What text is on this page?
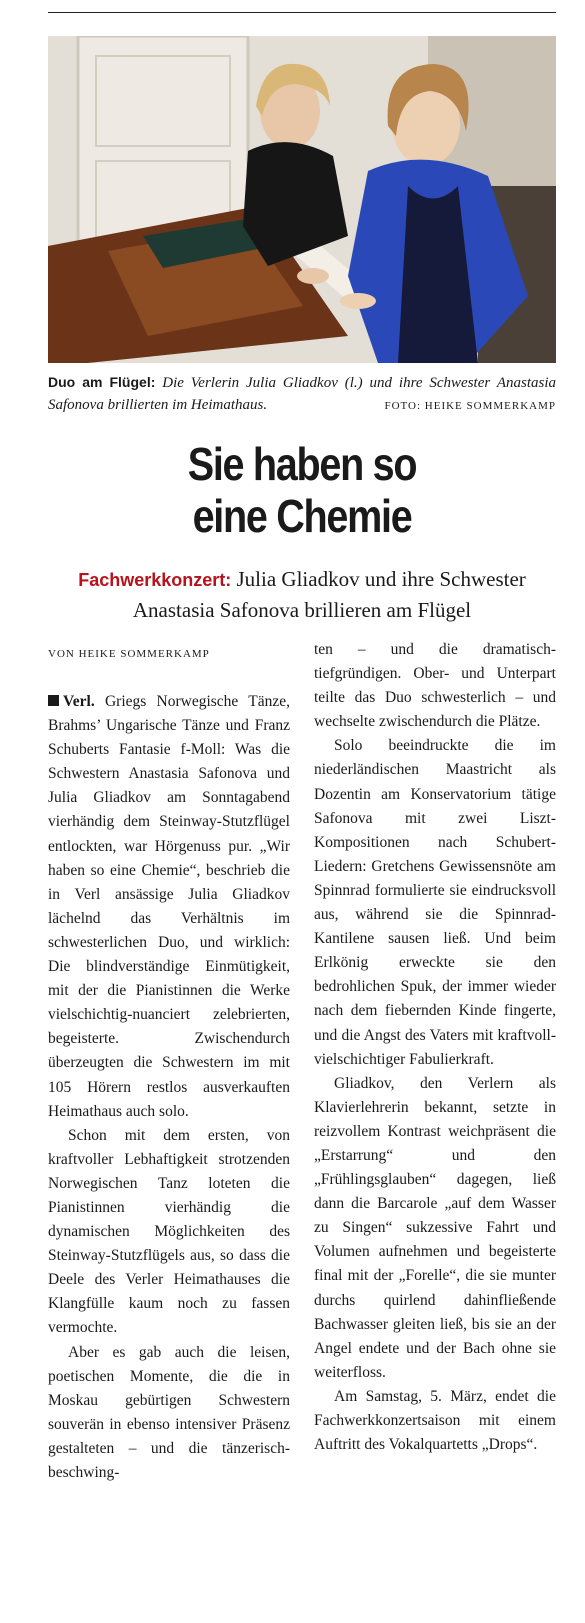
Duo am Flügel: Die Verlerin Julia Gliadkov (l.) und ihre Schwester Anastasia Safonova brillierten im Heimathaus.	FOTO: HEIKE SOMMERKAMP
Sie haben so
eine Chemie
Fachwerkkonzert: Julia Gliadkov und ihre Schwester Anastasia Safonova brillieren am Flügel
VON HEIKE SOMMERKAMP

Verl. Griegs Norwegische Tänze, Brahms’ Ungarische Tänze und Franz Schuberts Fantasie f-Moll: Was die Schwestern Anastasia Safonova und Julia Gliadkov am Sonntagabend vierhändig dem Steinway-Stutzflügel entlockten, war Hörgenuss pur. „Wir haben so eine Chemie“, beschrieb die in Verl ansässige Julia Gliadkov lächelnd das Verhältnis im schwesterlichen Duo, und wirklich: Die blindverständige Einmütigkeit, mit der die Pianistinnen die Werke vielschichtig-nuanciert zelebrierten, begeisterte. Zwischendurch überzeugten die Schwestern im mit 105 Hörern restlos ausverkauften Heimathaus auch solo.

Schon mit dem ersten, von kraftvoller Lebhaftigkeit strotzenden Norwegischen Tanz loteten die Pianistinnen vierhändig die dynamischen Möglichkeiten des Steinway-Stutzflügels aus, so dass die Deele des Verler Heimathauses die Klangfülle kaum noch zu fassen vermochte.

Aber es gab auch die leisen, poetischen Momente, die die in Moskau gebürtigen Schwestern souverän in ebenso intensiver Präsenz gestalteten – und die tänzerisch-beschwing-

ten – und die dramatisch-tiefgründigen. Ober- und Unterpart teilte das Duo schwesterlich – und wechselte zwischendurch die Plätze.

Solo beeindruckte die im niederländischen Maastricht als Dozentin am Konservatorium tätige Safonova mit zwei Liszt-Kompositionen nach Schubert-Liedern: Gretchens Gewissensnöte am Spinnrad formulierte sie eindrucksvoll aus, während sie die Spinnrad-Kantilene sausen ließ. Und beim Erlkönig erweckte sie den bedrohlichen Spuk, der immer wieder nach dem fiebernden Kinde fingerte, und die Angst des Vaters mit kraftvoll-vielschichtiger Fabulierkraft.

Gliadkov, den Verlern als Klavierlehrerin bekannt, setzte in reizvollem Kontrast weichpräsent die „Erstarrung“ und den „Frühlingsglauben“ dagegen, ließ dann die Barcarole „auf dem Wasser zu Singen“ sukzessive Fahrt und Volumen aufnehmen und begeisterte final mit der „Forelle“, die sie munter durchs quirlend dahinfließende Bachwasser gleiten ließ, bis sie an der Angel endete und der Bach ohne sie weiterfloss.

Am Samstag, 5. März, endet die Fachwerkkonzertsaison mit einem Auftritt des Vokalquartetts „Drops“.
